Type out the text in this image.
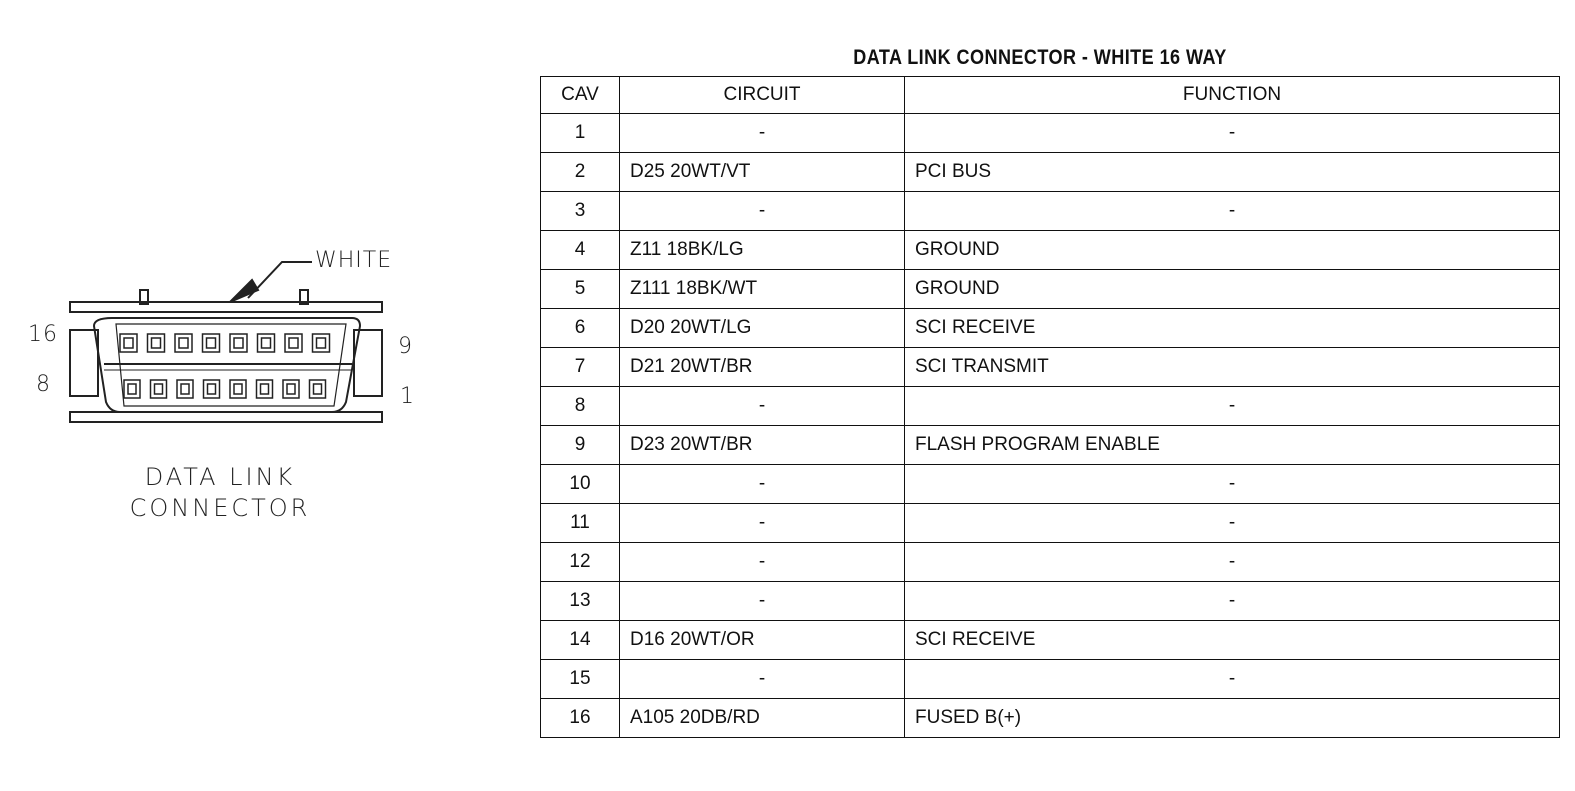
WHITE
16
8
9
1
DATA LINK
CONNECTOR
DATA LINK CONNECTOR - WHITE 16 WAY
CAV	CIRCUIT	FUNCTION
1	-	-
2	D25 20WT/VT	PCI BUS
3	-	-
4	Z11 18BK/LG	GROUND
5	Z111 18BK/WT	GROUND
6	D20 20WT/LG	SCI RECEIVE
7	D21 20WT/BR	SCI TRANSMIT
8	-	-
9	D23 20WT/BR	FLASH PROGRAM ENABLE
10	-	-
11	-	-
12	-	-
13	-	-
14	D16 20WT/OR	SCI RECEIVE
15	-	-
16	A105 20DB/RD	FUSED B(+)
